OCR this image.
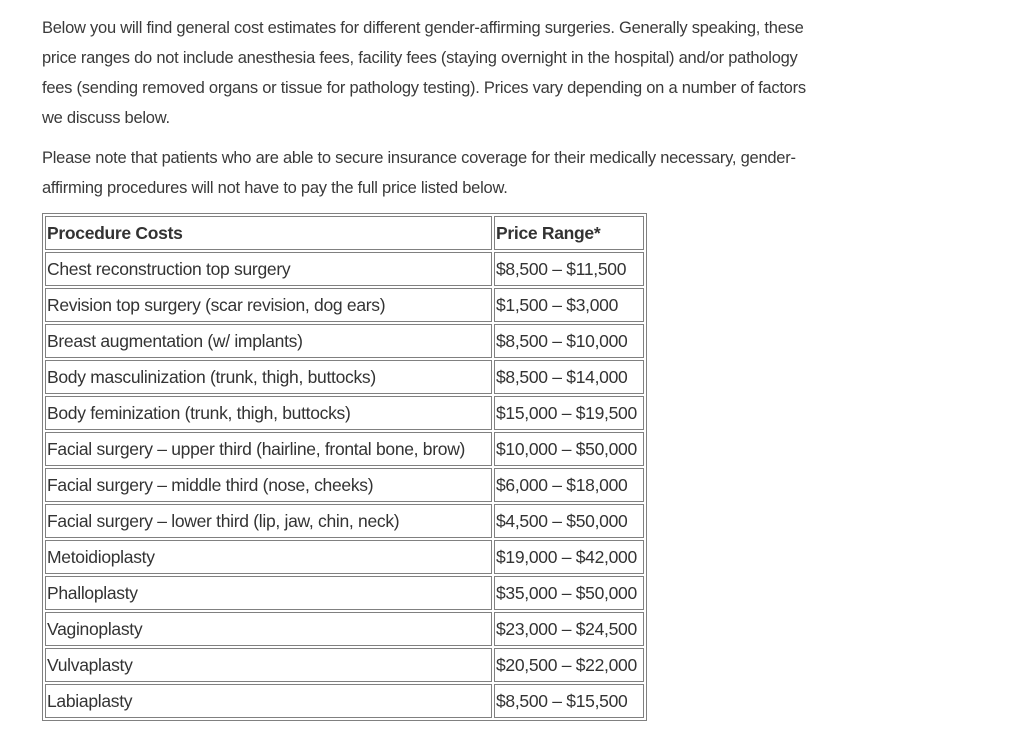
Below you will find general cost estimates for different gender-affirming surgeries. Generally speaking, these price ranges do not include anesthesia fees, facility fees (staying overnight in the hospital) and/or pathology fees (sending removed organs or tissue for pathology testing). Prices vary depending on a number of factors we discuss below.

Please note that patients who are able to secure insurance coverage for their medically necessary, gender-affirming procedures will not have to pay the full price listed below.

Procedure Costs	Price Range*
Chest reconstruction top surgery	$8,500 – $11,500
Revision top surgery (scar revision, dog ears)	$1,500 – $3,000
Breast augmentation (w/ implants)	$8,500 – $10,000
Body masculinization (trunk, thigh, buttocks)	$8,500 – $14,000
Body feminization (trunk, thigh, buttocks)	$15,000 – $19,500
Facial surgery – upper third (hairline, frontal bone, brow)	$10,000 – $50,000
Facial surgery – middle third (nose, cheeks)	$6,000 – $18,000
Facial surgery – lower third (lip, jaw, chin, neck)	$4,500 – $50,000
Metoidioplasty	$19,000 – $42,000
Phalloplasty	$35,000 – $50,000
Vaginoplasty	$23,000 – $24,500
Vulvaplasty	$20,500 – $22,000
Labiaplasty	$8,500 – $15,500
